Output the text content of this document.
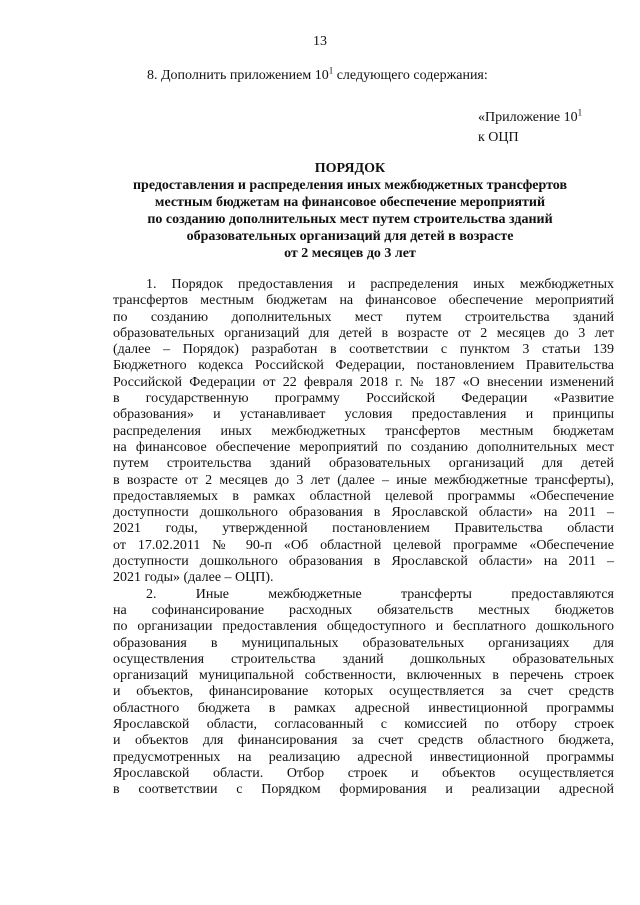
13
8. Дополнить приложением $10^1$ следующего содержания:
«Приложение $10^1$
к ОЦП
ПОРЯДОК
предоставления и распределения иных межбюджетных трансфертов
местным бюджетам на финансовое обеспечение мероприятий
по созданию дополнительных мест путем строительства зданий
образовательных организаций для детей в возрасте
от 2 месяцев до 3 лет
1. Порядок предоставления и распределения иных межбюджетных
трансфертов местным бюджетам на финансовое обеспечение мероприятий
по созданию дополнительных мест путем строительства зданий
образовательных организаций для детей в возрасте от 2 месяцев до 3 лет
(далее – Порядок) разработан в соответствии с пунктом 3 статьи 139
Бюджетного кодекса Российской Федерации, постановлением Правительства
Российской Федерации от 22 февраля 2018 г. № 187 «О внесении изменений
в государственную программу Российской Федерации «Развитие
образования» и устанавливает условия предоставления и принципы
распределения иных межбюджетных трансфертов местным бюджетам
на финансовое обеспечение мероприятий по созданию дополнительных мест
путем строительства зданий образовательных организаций для детей
в возрасте от 2 месяцев до 3 лет (далее – иные межбюджетные трансферты),
предоставляемых в рамках областной целевой программы «Обеспечение
доступности дошкольного образования в Ярославской области» на 2011 –
2021 годы, утвержденной постановлением Правительства области
от 17.02.2011 № 90-п «Об областной целевой программе «Обеспечение
доступности дошкольного образования в Ярославской области» на 2011 –
2021 годы» (далее – ОЦП).
2. Иные межбюджетные трансферты предоставляются
на софинансирование расходных обязательств местных бюджетов
по организации предоставления общедоступного и бесплатного дошкольного
образования в муниципальных образовательных организациях для
осуществления строительства зданий дошкольных образовательных
организаций муниципальной собственности, включенных в перечень строек
и объектов, финансирование которых осуществляется за счет средств
областного бюджета в рамках адресной инвестиционной программы
Ярославской области, согласованный с комиссией по отбору строек
и объектов для финансирования за счет средств областного бюджета,
предусмотренных на реализацию адресной инвестиционной программы
Ярославской области. Отбор строек и объектов осуществляется
в соответствии с Порядком формирования и реализации адресной
